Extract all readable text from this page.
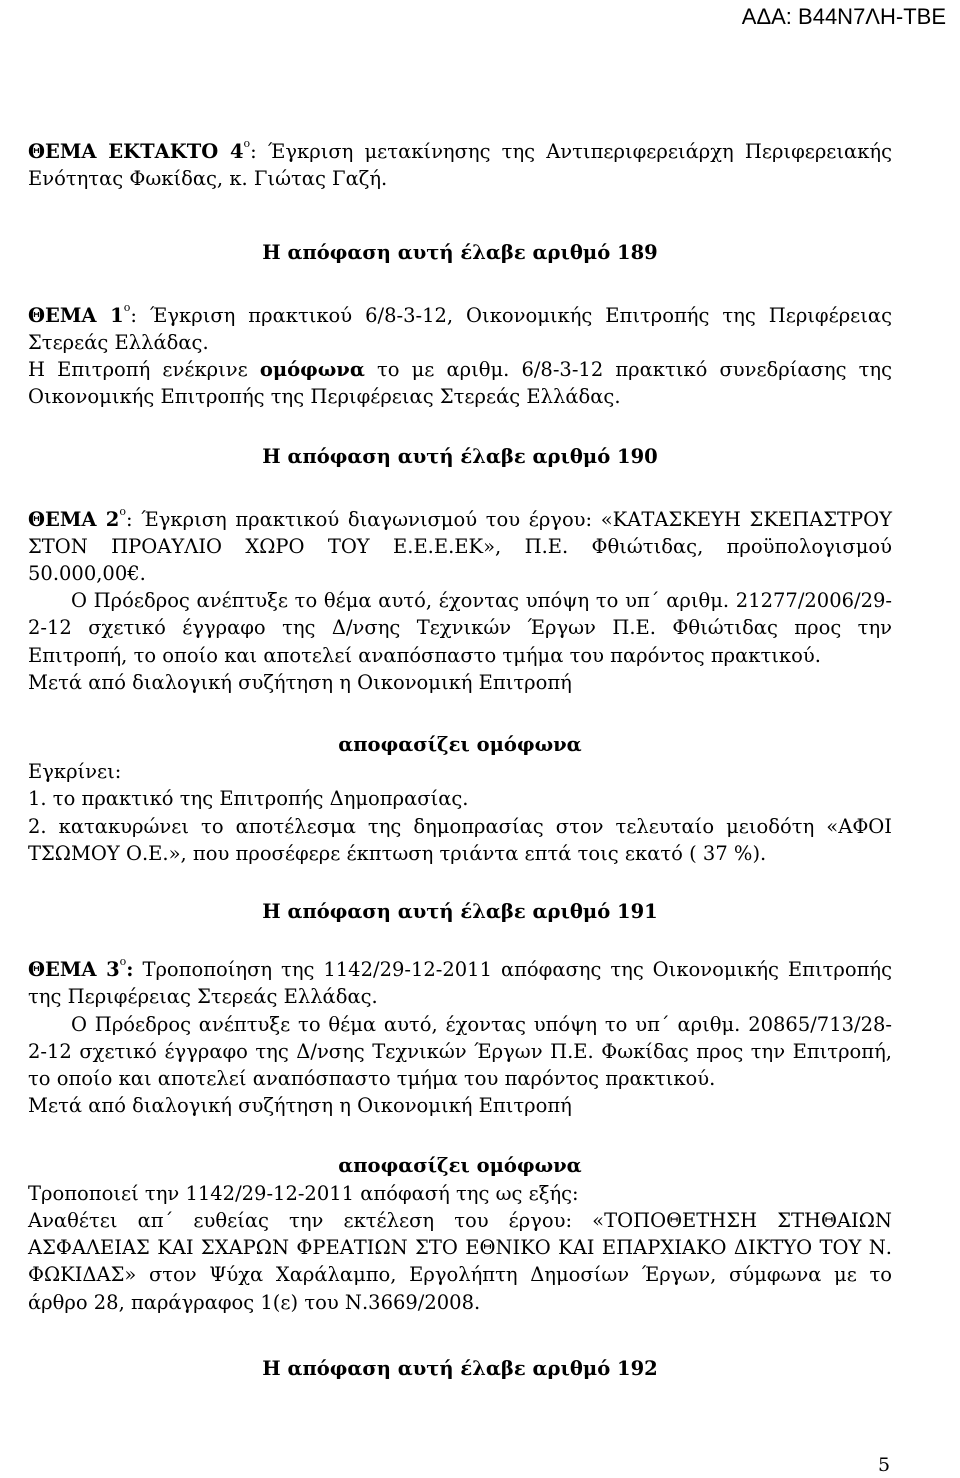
ΑΔΑ: Β44Ν7ΛΗ-ΤΒΕ

ΘΕΜΑ ΕΚΤΑΚΤΟ $4^o$: Έγκριση μετακίνησης της Αντιπεριφερειάρχη Περιφερειακής Ενότητας Φωκίδας, κ. Γιώτας Γαζή.

Η απόφαση αυτή έλαβε αριθμό 189

ΘΕΜΑ $1^o$: Έγκριση πρακτικού 6/8-3-12, Οικονομικής Επιτροπής της Περιφέρειας Στερεάς Ελλάδας.

Η Επιτροπή ενέκρινε ομόφωνα το με αριθμ. 6/8-3-12 πρακτικό συνεδρίασης της Οικονομικής Επιτροπής της Περιφέρειας Στερεάς Ελλάδας.

Η απόφαση αυτή έλαβε αριθμό 190

ΘΕΜΑ $2^o$: Έγκριση πρακτικού διαγωνισμού του έργου: «ΚΑΤΑΣΚΕΥΗ ΣΚΕΠΑΣΤΡΟΥ ΣΤΟΝ ΠΡΟΑΥΛΙΟ ΧΩΡΟ ΤΟΥ Ε.Ε.Ε.ΕΚ», Π.Ε. Φθιώτιδας, προϋπολογισμού 50.000,00€.

Ο Πρόεδρος ανέπτυξε το θέμα αυτό, έχοντας υπόψη το υπ΄ αριθμ. 21277/2006/29-2-12 σχετικό έγγραφο της Δ/νσης Τεχνικών Έργων Π.Ε. Φθιώτιδας προς την Επιτροπή, το οποίο και αποτελεί αναπόσπαστο τμήμα του παρόντος πρακτικού.

Μετά από διαλογική συζήτηση η Οικονομική Επιτροπή

αποφασίζει ομόφωνα

Εγκρίνει:

1. το πρακτικό της Επιτροπής Δημοπρασίας.

2. κατακυρώνει το αποτέλεσμα της δημοπρασίας στον τελευταίο μειοδότη «ΑΦΟΙ ΤΣΩΜΟΥ Ο.Ε.», που προσέφερε έκπτωση τριάντα επτά τοις εκατό ( 37 %).

Η απόφαση αυτή έλαβε αριθμό 191

ΘΕΜΑ $3^o$: Τροποποίηση της 1142/29-12-2011 απόφασης της Οικονομικής Επιτροπής της Περιφέρειας Στερεάς Ελλάδας.

Ο Πρόεδρος ανέπτυξε το θέμα αυτό, έχοντας υπόψη το υπ΄ αριθμ. 20865/713/28-2-12 σχετικό έγγραφο της Δ/νσης Τεχνικών Έργων Π.Ε. Φωκίδας προς την Επιτροπή, το οποίο και αποτελεί αναπόσπαστο τμήμα του παρόντος πρακτικού.

Μετά από διαλογική συζήτηση η Οικονομική Επιτροπή

αποφασίζει ομόφωνα

Τροποποιεί την 1142/29-12-2011 απόφασή της ως εξής:

Αναθέτει απ΄ ευθείας την εκτέλεση του έργου: «ΤΟΠΟΘΕΤΗΣΗ ΣΤΗΘΑΙΩΝ ΑΣΦΑΛΕΙΑΣ ΚΑΙ ΣΧΑΡΩΝ ΦΡΕΑΤΙΩΝ ΣΤΟ ΕΘΝΙΚΟ ΚΑΙ ΕΠΑΡΧΙΑΚΟ ΔΙΚΤΥΟ ΤΟΥ Ν. ΦΩΚΙΔΑΣ» στον Ψύχα Χαράλαμπο, Εργολήπτη Δημοσίων Έργων, σύμφωνα με το άρθρο 28, παράγραφος 1(ε) του Ν.3669/2008.

Η απόφαση αυτή έλαβε αριθμό 192

5
